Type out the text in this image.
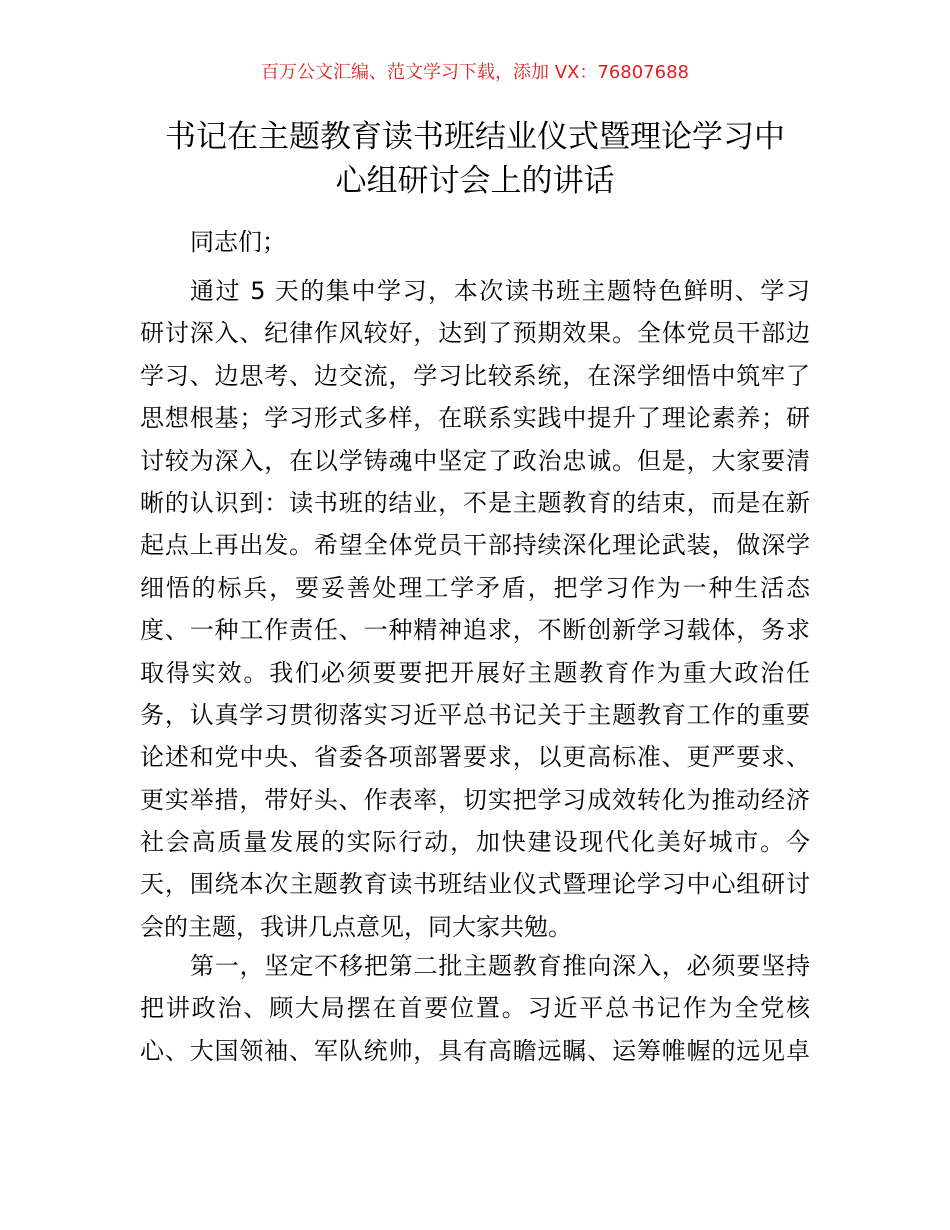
百万公文汇编、范文学习下载，添加 VX：76807688
书记在主题教育读书班结业仪式暨理论学习中
心组研讨会上的讲话
同志们；
通过 5 天的集中学习，本次读书班主题特色鲜明、学习
研讨深入、纪律作风较好，达到了预期效果。全体党员干部边
学习、边思考、边交流，学习比较系统，在深学细悟中筑牢了
思想根基；学习形式多样，在联系实践中提升了理论素养；研
讨较为深入，在以学铸魂中坚定了政治忠诚。但是，大家要清
晰的认识到：读书班的结业，不是主题教育的结束，而是在新
起点上再出发。希望全体党员干部持续深化理论武装，做深学
细悟的标兵，要妥善处理工学矛盾，把学习作为一种生活态
度、一种工作责任、一种精神追求，不断创新学习载体，务求
取得实效。我们必须要要把开展好主题教育作为重大政治任
务，认真学习贯彻落实习近平总书记关于主题教育工作的重要
论述和党中央、省委各项部署要求，以更高标准、更严要求、
更实举措，带好头、作表率，切实把学习成效转化为推动经济
社会高质量发展的实际行动，加快建设现代化美好城市。今
天，围绕本次主题教育读书班结业仪式暨理论学习中心组研讨
会的主题，我讲几点意见，同大家共勉。
第一，坚定不移把第二批主题教育推向深入，必须要坚持
把讲政治、顾大局摆在首要位置。习近平总书记作为全党核
心、大国领袖、军队统帅，具有高瞻远瞩、运筹帷幄的远见卓
